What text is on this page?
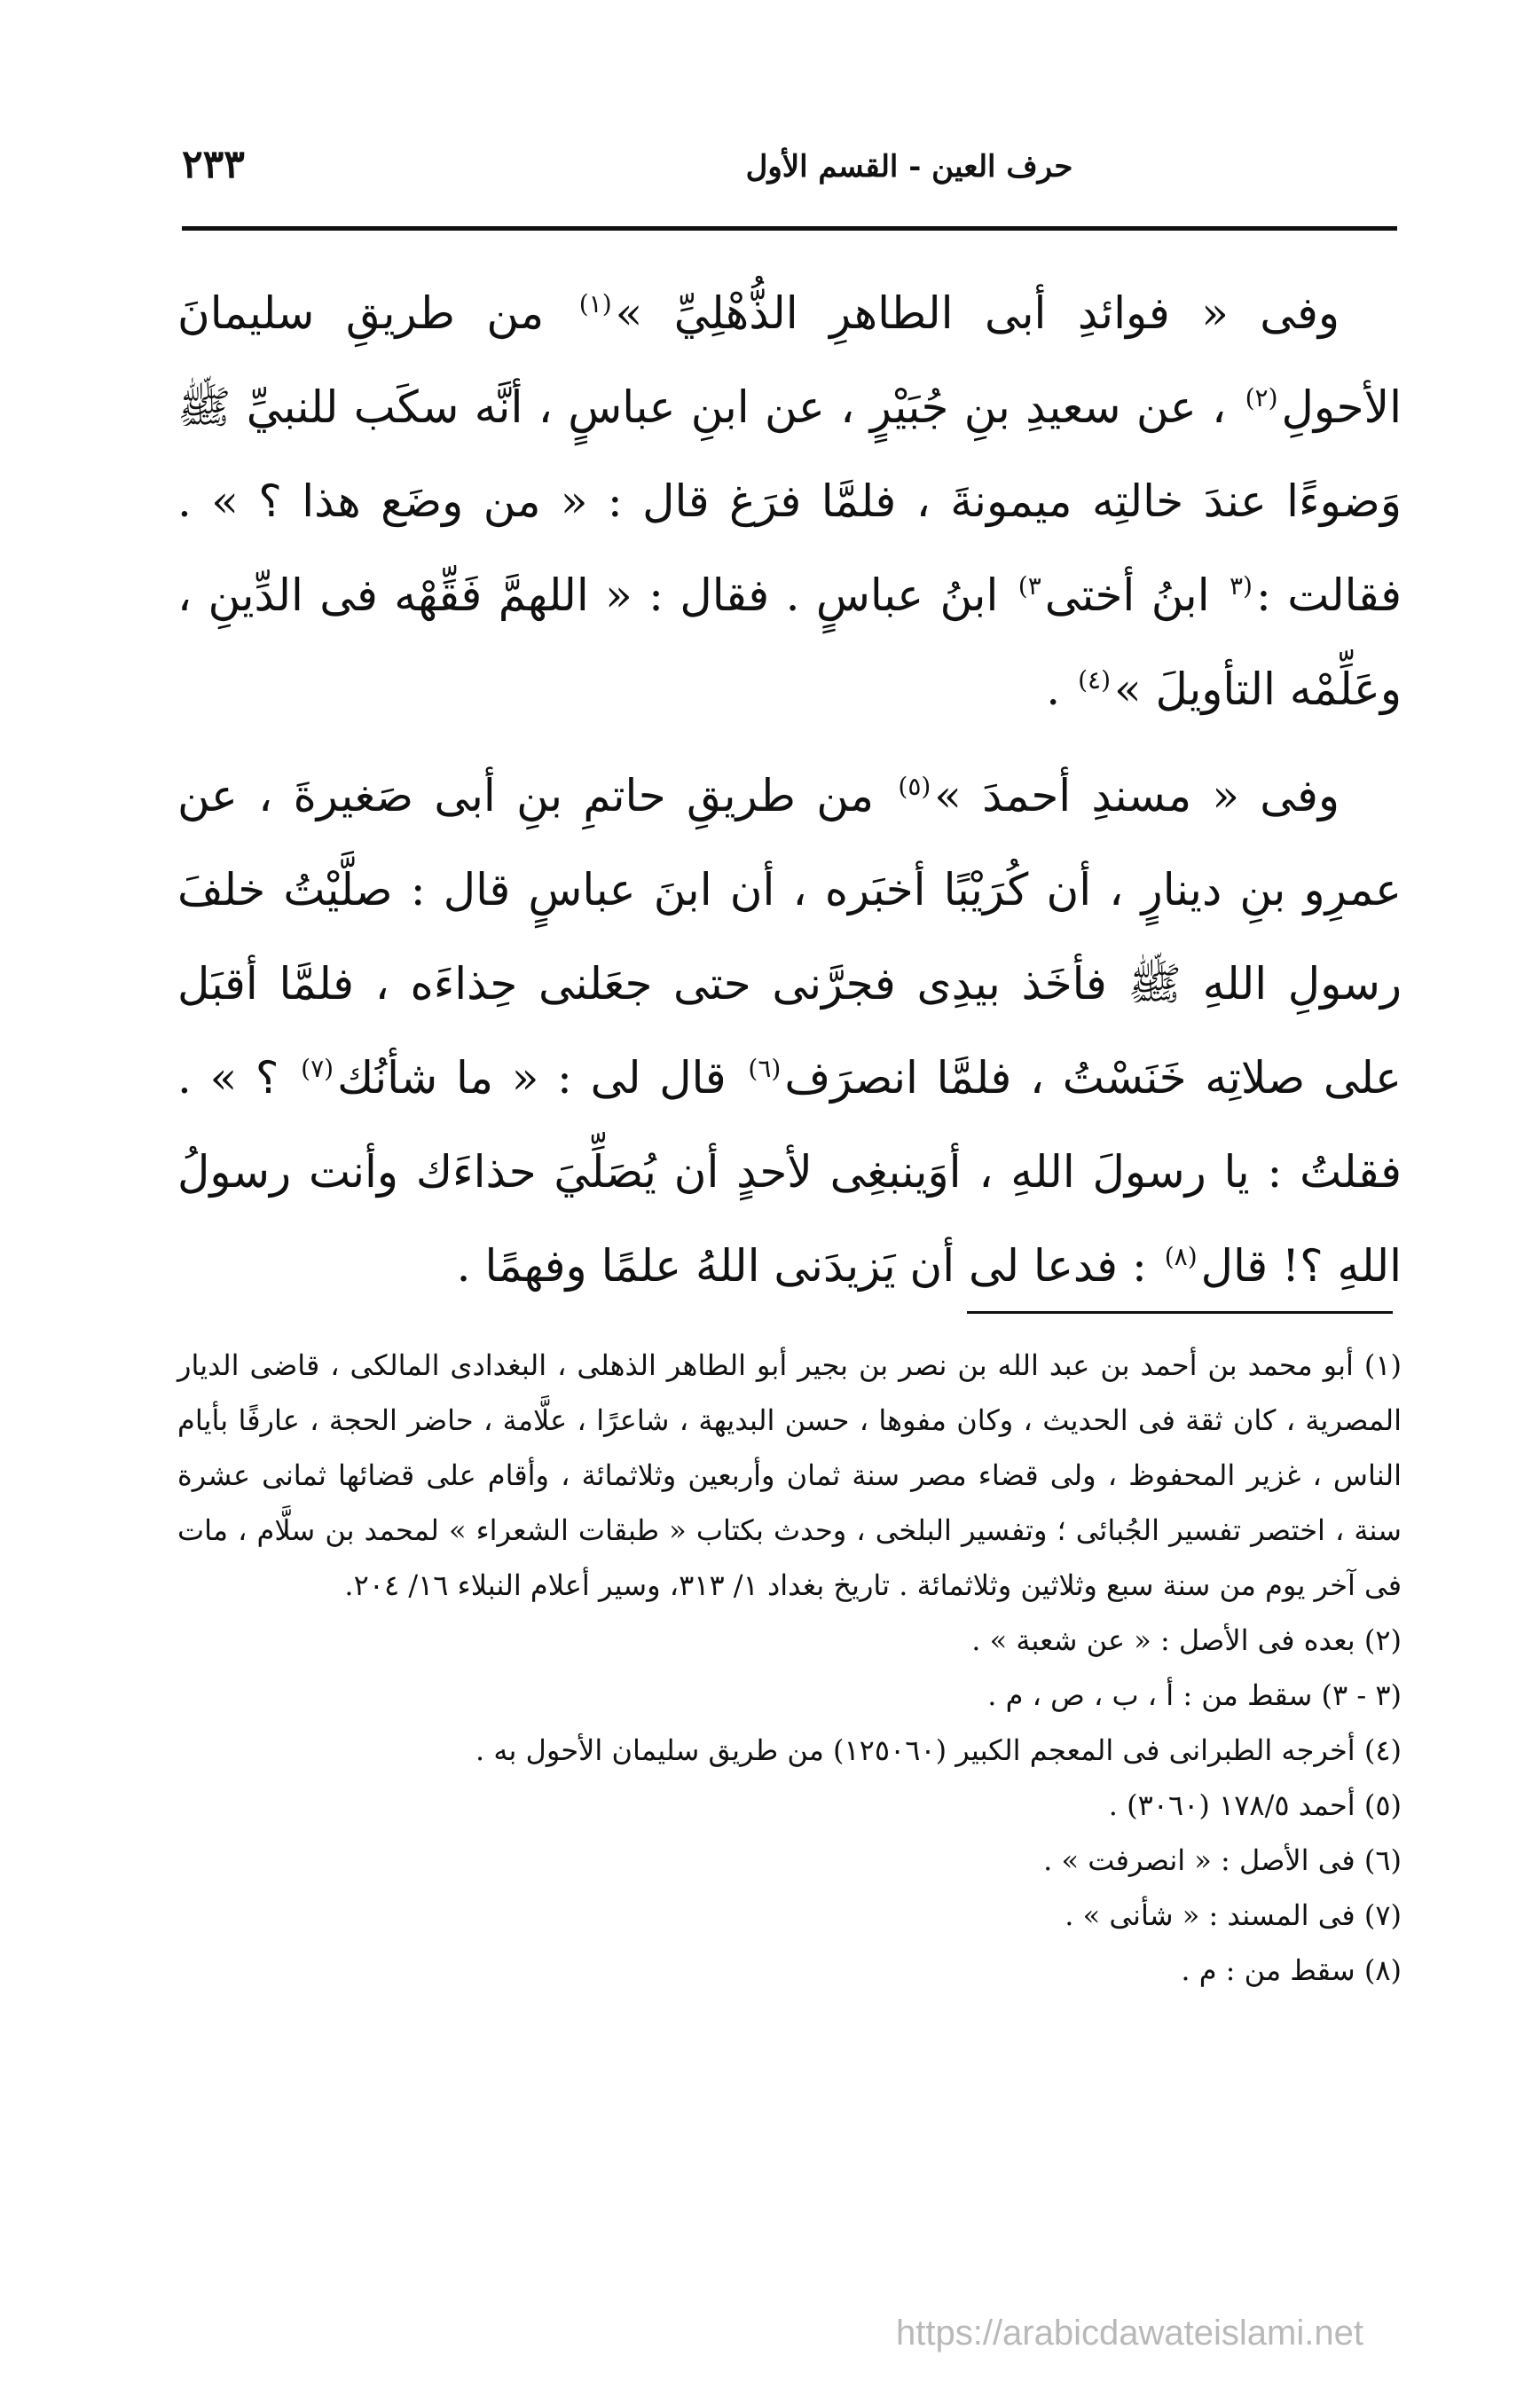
٢٣٣	حرف العين - القسم الأول

وفى « فوائدِ أبى الطاهرِ الذُّهْلِيِّ »$^{(١)}$ من طريقِ سليمانَ الأحولِ$^{(٢)}$ ، عن سعيدِ بنِ جُبَيْرٍ ، عن ابنِ عباسٍ ، أنَّه سكَب للنبيِّ ﷺ وَضوءًا عندَ خالتِه ميمونةَ ، فلمَّا فرَغ قال : « من وضَع هذا ؟ » . فقالت :$^{(٣}$ ابنُ أختى$^{٣)}$ ابنُ عباسٍ . فقال : « اللهمَّ فَقِّهْه فى الدِّينِ ، وعَلِّمْه التأويلَ »$^{(٤)}$ .

وفى « مسندِ أحمدَ »$^{(٥)}$ من طريقِ حاتمِ بنِ أبى صَغيرةَ ، عن عمرِو بنِ دينارٍ ، أن كُرَيْبًا أخبَره ، أن ابنَ عباسٍ قال : صلَّيْتُ خلفَ رسولِ اللهِ ﷺ فأخَذ بيدِى فجرَّنى حتى جعَلنى حِذاءَه ، فلمَّا أقبَل على صلاتِه خَنَسْتُ ، فلمَّا انصرَف$^{(٦)}$ قال لى : « ما شأنُك$^{(٧)}$ ؟ » . فقلتُ : يا رسولَ اللهِ ، أوَينبغِى لأحدٍ أن يُصَلِّيَ حذاءَك وأنت رسولُ اللهِ ؟! قال$^{(٨)}$ : فدعا لى أن يَزيدَنى اللهُ علمًا وفهمًا .

(١) أبو محمد بن أحمد بن عبد الله بن نصر بن بجير أبو الطاهر الذهلى ، البغدادى المالكى ، قاضى الديار المصرية ، كان ثقة فى الحديث ، وكان مفوها ، حسن البديهة ، شاعرًا ، علَّامة ، حاضر الحجة ، عارفًا بأيام الناس ، غزير المحفوظ ، ولى قضاء مصر سنة ثمان وأربعين وثلاثمائة ، وأقام على قضائها ثمانى عشرة سنة ، اختصر تفسير الجُبائى ؛ وتفسير البلخى ، وحدث بكتاب « طبقات الشعراء » لمحمد بن سلَّام ، مات فى آخر يوم من سنة سبع وثلاثين وثلاثمائة . تاريخ بغداد ١/ ٣١٣، وسير أعلام النبلاء ١٦/ ٢٠٤.

(٢) بعده فى الأصل : « عن شعبة » .

(٣ - ٣) سقط من : أ ، ب ، ص ، م .

(٤) أخرجه الطبرانى فى المعجم الكبير (١٢٥٠٦٠) من طريق سليمان الأحول به .

(٥) أحمد ١٧٨/٥ (٣٠٦٠) .

(٦) فى الأصل : « انصرفت » .

(٧) فى المسند : « شأنى » .

(٨) سقط من : م .

https://arabicdawateislami.net
